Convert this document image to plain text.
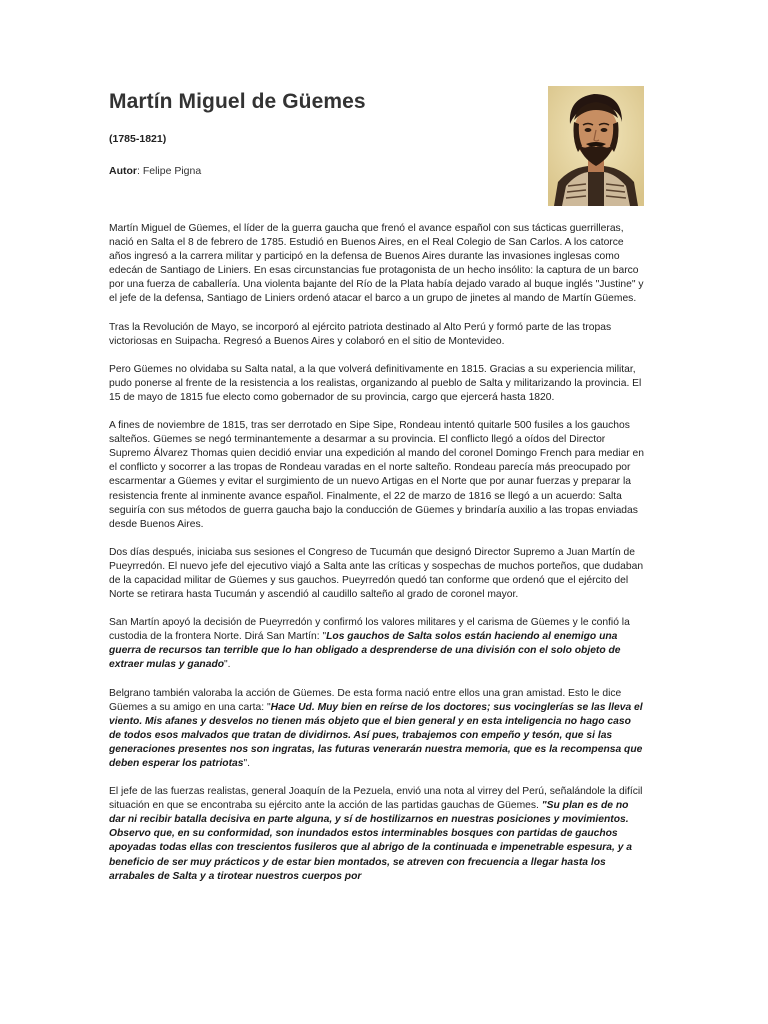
Martín Miguel de Güemes
(1785-1821)
Autor: Felipe Pigna

Martín Miguel de Güemes, el líder de la guerra gaucha que frenó el avance español con sus tácticas guerrilleras, nació en Salta el 8 de febrero de 1785. Estudió en Buenos Aires, en el Real Colegio de San Carlos. A los catorce años ingresó a la carrera militar y participó en la defensa de Buenos Aires durante las invasiones inglesas como edecán de Santiago de Liniers. En esas circunstancias fue protagonista de un hecho insólito: la captura de un barco por una fuerza de caballería. Una violenta bajante del Río de la Plata había dejado varado al buque inglés "Justine" y el jefe de la defensa, Santiago de Liniers ordenó atacar el barco a un grupo de jinetes al mando de Martín Güemes.

Tras la Revolución de Mayo, se incorporó al ejército patriota destinado al Alto Perú y formó parte de las tropas victoriosas en Suipacha. Regresó a Buenos Aires y colaboró en el sitio de Montevideo.

Pero Güemes no olvidaba su Salta natal, a la que volverá definitivamente en 1815. Gracias a su experiencia militar, pudo ponerse al frente de la resistencia a los realistas, organizando al pueblo de Salta y militarizando la provincia. El 15 de mayo de 1815 fue electo como gobernador de su provincia, cargo que ejercerá hasta 1820.

A fines de noviembre de 1815, tras ser derrotado en Sipe Sipe, Rondeau intentó quitarle 500 fusiles a los gauchos salteños. Güemes se negó terminantemente a desarmar a su provincia. El conflicto llegó a oídos del Director Supremo Álvarez Thomas quien decidió enviar una expedición al mando del coronel Domingo French para mediar en el conflicto y socorrer a las tropas de Rondeau varadas en el norte salteño. Rondeau parecía más preocupado por escarmentar a Güemes y evitar el surgimiento de un nuevo Artigas en el Norte que por aunar fuerzas y preparar la resistencia frente al inminente avance español. Finalmente, el 22 de marzo de 1816 se llegó a un acuerdo: Salta seguiría con sus métodos de guerra gaucha bajo la conducción de Güemes y brindaría auxilio a las tropas enviadas desde Buenos Aires.

Dos días después, iniciaba sus sesiones el Congreso de Tucumán que designó Director Supremo a Juan Martín de Pueyrredón. El nuevo jefe del ejecutivo viajó a Salta ante las críticas y sospechas de muchos porteños, que dudaban de la capacidad militar de Güemes y sus gauchos. Pueyrredón quedó tan conforme que ordenó que el ejército del Norte se retirara hasta Tucumán y ascendió al caudillo salteño al grado de coronel mayor.

San Martín apoyó la decisión de Pueyrredón y confirmó los valores militares y el carisma de Güemes y le confió la custodia de la frontera Norte. Dirá San Martín: "Los gauchos de Salta solos están haciendo al enemigo una guerra de recursos tan terrible que lo han obligado a desprenderse de una división con el solo objeto de extraer mulas y ganado".

Belgrano también valoraba la acción de Güemes. De esta forma nació entre ellos una gran amistad. Esto le dice Güemes a su amigo en una carta: "Hace Ud. Muy bien en reírse de los doctores; sus vocinglerías se las lleva el viento. Mis afanes y desvelos no tienen más objeto que el bien general y en esta inteligencia no hago caso de todos esos malvados que tratan de dividirnos. Así pues, trabajemos con empeño y tesón, que si las generaciones presentes nos son ingratas, las futuras venerarán nuestra memoria, que es la recompensa que deben esperar los patriotas".

El jefe de las fuerzas realistas, general Joaquín de la Pezuela, envió una nota al virrey del Perú, señalándole la difícil situación en que se encontraba su ejército ante la acción de las partidas gauchas de Güemes. "Su plan es de no dar ni recibir batalla decisiva en parte alguna, y sí de hostilizarnos en nuestras posiciones y movimientos. Observo que, en su conformidad, son inundados estos interminables bosques con partidas de gauchos apoyadas todas ellas con trescientos fusileros que al abrigo de la continuada e impenetrable espesura, y a beneficio de ser muy prácticos y de estar bien montados, se atreven con frecuencia a llegar hasta los arrabales de Salta y a tirotear nuestros cuerpos por
